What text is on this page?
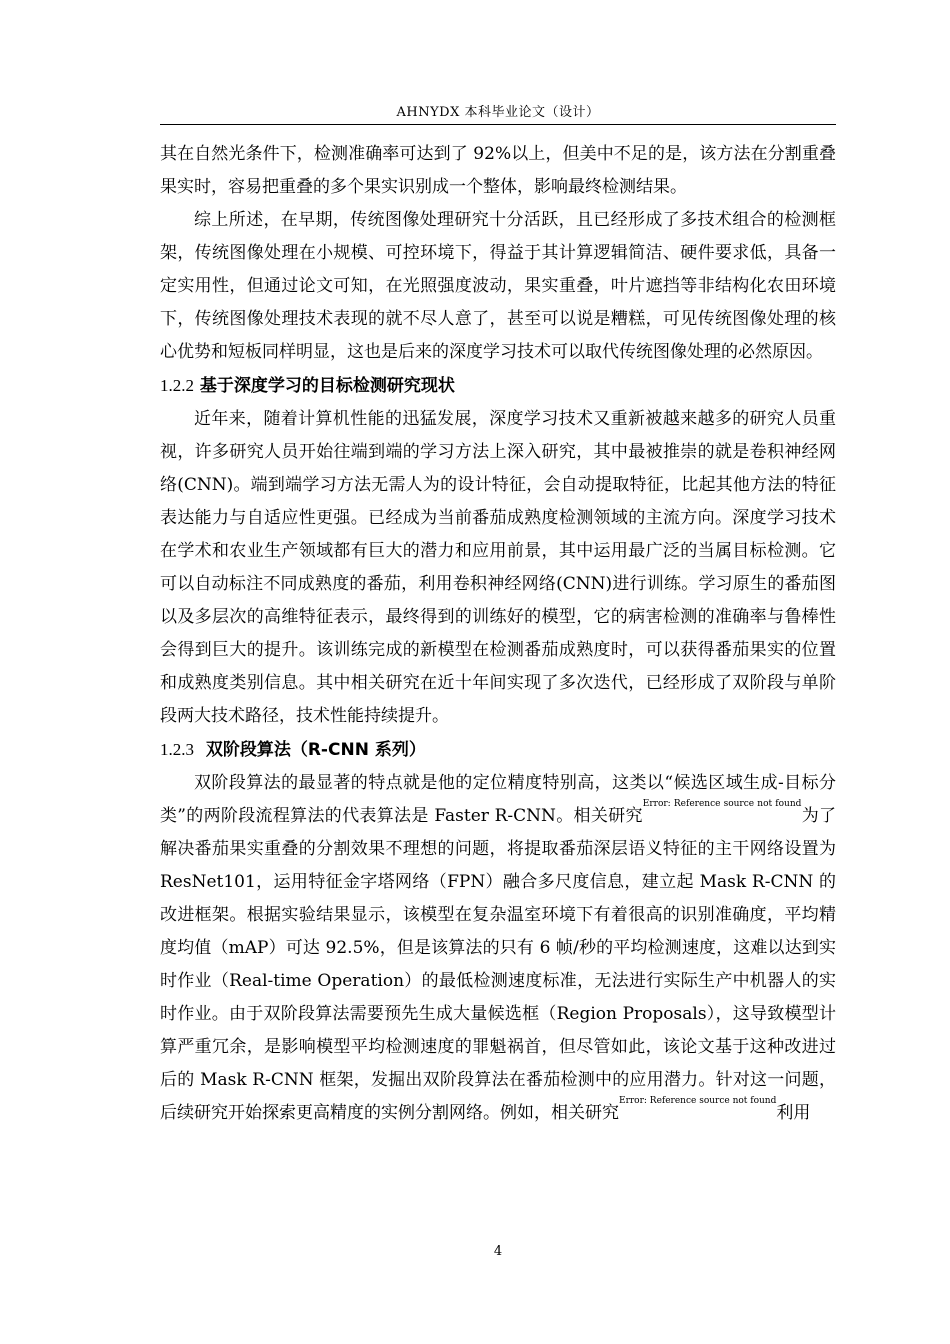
AHNYDX 本科毕业论文（设计）

其在自然光条件下，检测准确率可达到了 92%以上，但美中不足的是，该方法在分割重叠果实时，容易把重叠的多个果实识别成一个整体，影响最终检测结果。

综上所述，在早期，传统图像处理研究十分活跃，且已经形成了多技术组合的检测框架，传统图像处理在小规模、可控环境下，得益于其计算逻辑简洁、硬件要求低，具备一定实用性，但通过论文可知，在光照强度波动，果实重叠，叶片遮挡等非结构化农田环境下，传统图像处理技术表现的就不尽人意了，甚至可以说是糟糕，可见传统图像处理的核心优势和短板同样明显，这也是后来的深度学习技术可以取代传统图像处理的必然原因。

1.2.2 基于深度学习的目标检测研究现状

近年来，随着计算机性能的迅猛发展，深度学习技术又重新被越来越多的研究人员重视，许多研究人员开始往端到端的学习方法上深入研究，其中最被推崇的就是卷积神经网络(CNN)。端到端学习方法无需人为的设计特征，会自动提取特征，比起其他方法的特征表达能力与自适应性更强。已经成为当前番茄成熟度检测领域的主流方向。深度学习技术在学术和农业生产领域都有巨大的潜力和应用前景，其中运用最广泛的当属目标检测。它可以自动标注不同成熟度的番茄，利用卷积神经网络(CNN)进行训练。学习原生的番茄图以及多层次的高维特征表示，最终得到的训练好的模型，它的病害检测的准确率与鲁棒性会得到巨大的提升。该训练完成的新模型在检测番茄成熟度时，可以获得番茄果实的位置和成熟度类别信息。其中相关研究在近十年间实现了多次迭代，已经形成了双阶段与单阶段两大技术路径，技术性能持续提升。

1.2.3 双阶段算法（R-CNN 系列）

双阶段算法的最显著的特点就是他的定位精度特别高，这类以“候选区域生成-目标分类”的两阶段流程算法的代表算法是 Faster R-CNN。相关研究$^{Error: Reference source not found}$为了解决番茄果实重叠的分割效果不理想的问题，将提取番茄深层语义特征的主干网络设置为 ResNet101，运用特征金字塔网络（FPN）融合多尺度信息，建立起 Mask R-CNN 的改进框架。根据实验结果显示，该模型在复杂温室环境下有着很高的识别准确度，平均精度均值（mAP）可达 92.5%，但是该算法的只有 6 帧/秒的平均检测速度，这难以达到实时作业（Real-time Operation）的最低检测速度标准，无法进行实际生产中机器人的实时作业。由于双阶段算法需要预先生成大量候选框（Region Proposals），这导致模型计算严重冗余，是影响模型平均检测速度的罪魁祸首，但尽管如此，该论文基于这种改进过后的 Mask R-CNN 框架，发掘出双阶段算法在番茄检测中的应用潜力。针对这一问题，后续研究开始探索更高精度的实例分割网络。例如，相关研究$^{Error: Reference source not found}$利用

4
